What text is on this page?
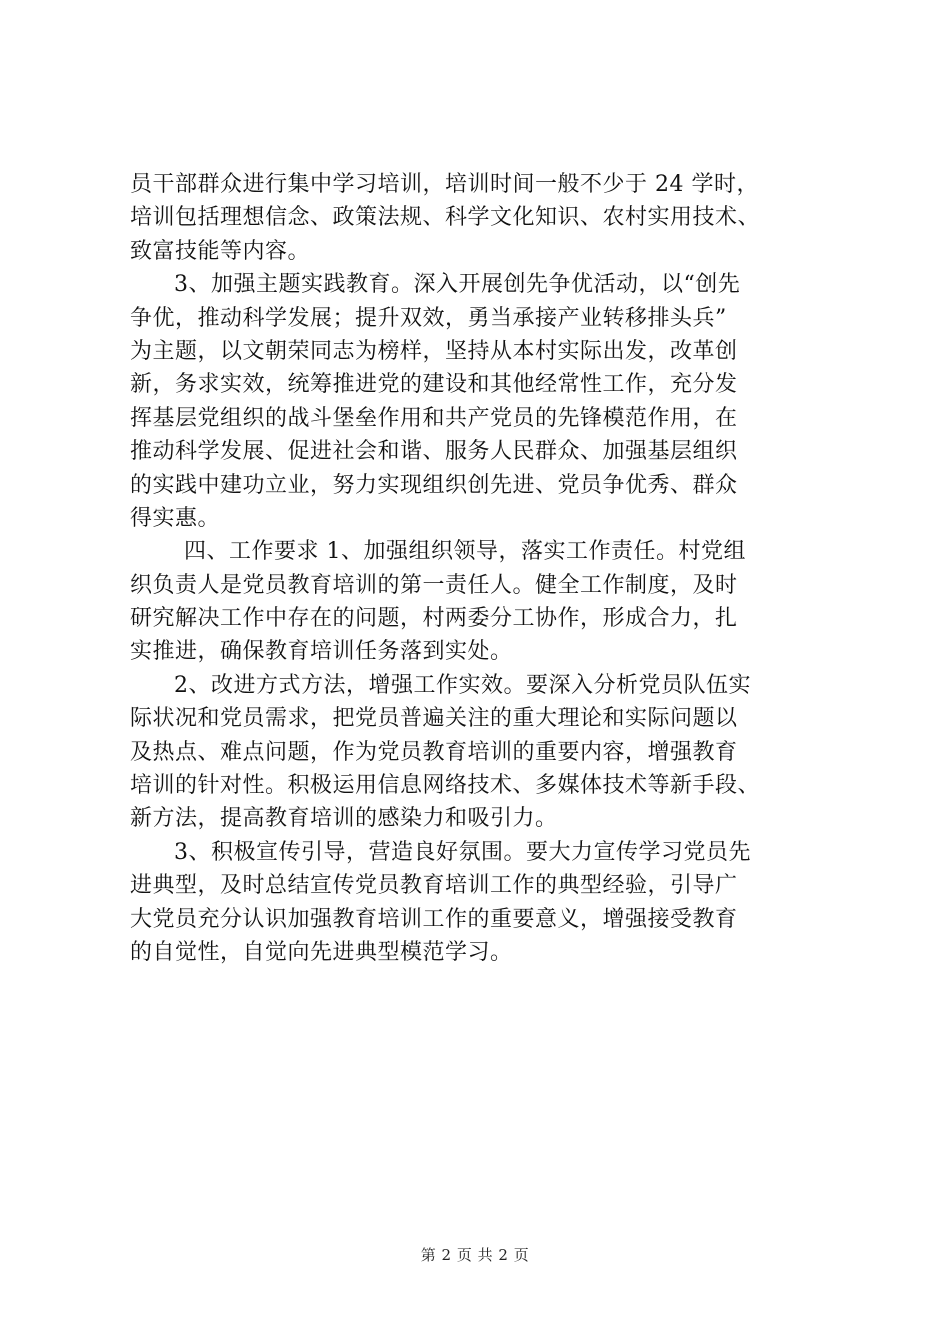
员干部群众进行集中学习培训，培训时间一般不少于 24 学时，
培训包括理想信念、政策法规、科学文化知识、农村实用技术、
致富技能等内容。
3、加强主题实践教育。深入开展创先争优活动，以“创先
争优，推动科学发展；提升双效，勇当承接产业转移排头兵”
为主题，以文朝荣同志为榜样，坚持从本村实际出发，改革创
新，务求实效，统筹推进党的建设和其他经常性工作，充分发
挥基层党组织的战斗堡垒作用和共产党员的先锋模范作用，在
推动科学发展、促进社会和谐、服务人民群众、加强基层组织
的实践中建功立业，努力实现组织创先进、党员争优秀、群众
得实惠。
四、工作要求 1、加强组织领导，落实工作责任。村党组
织负责人是党员教育培训的第一责任人。健全工作制度，及时
研究解决工作中存在的问题，村两委分工协作，形成合力，扎
实推进，确保教育培训任务落到实处。
2、改进方式方法，增强工作实效。要深入分析党员队伍实
际状况和党员需求，把党员普遍关注的重大理论和实际问题以
及热点、难点问题，作为党员教育培训的重要内容，增强教育
培训的针对性。积极运用信息网络技术、多媒体技术等新手段、
新方法，提高教育培训的感染力和吸引力。
3、积极宣传引导，营造良好氛围。要大力宣传学习党员先
进典型，及时总结宣传党员教育培训工作的典型经验，引导广
大党员充分认识加强教育培训工作的重要意义，增强接受教育
的自觉性，自觉向先进典型模范学习。
第 2 页 共 2 页
